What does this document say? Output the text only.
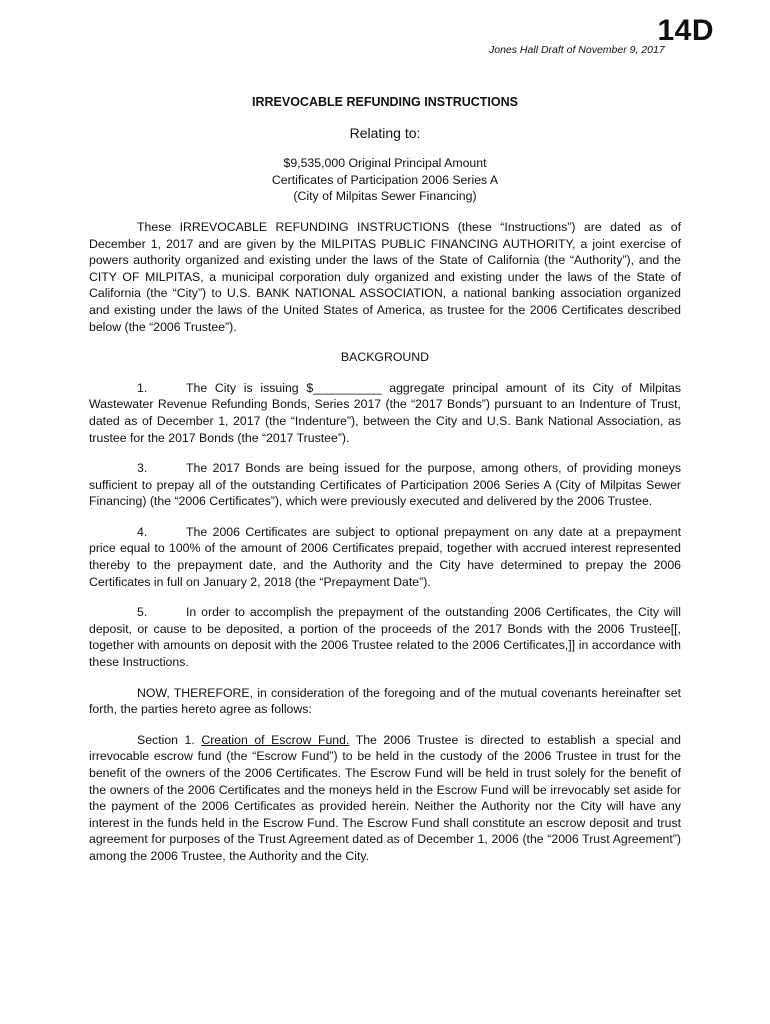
14D
Jones Hall Draft of November 9, 2017
IRREVOCABLE REFUNDING INSTRUCTIONS
Relating to:
$9,535,000 Original Principal Amount
Certificates of Participation 2006 Series A
(City of Milpitas Sewer Financing)

These IRREVOCABLE REFUNDING INSTRUCTIONS (these “Instructions”) are dated as of December 1, 2017 and are given by the MILPITAS PUBLIC FINANCING AUTHORITY, a joint exercise of powers authority organized and existing under the laws of the State of California (the “Authority”), and the CITY OF MILPITAS, a municipal corporation duly organized and existing under the laws of the State of California (the “City”) to U.S. BANK NATIONAL ASSOCIATION, a national banking association organized and existing under the laws of the United States of America, as trustee for the 2006 Certificates described below (the “2006 Trustee”).

BACKGROUND

1.	The City is issuing $__________ aggregate principal amount of its City of Milpitas Wastewater Revenue Refunding Bonds, Series 2017 (the “2017 Bonds”) pursuant to an Indenture of Trust, dated as of December 1, 2017 (the “Indenture”), between the City and U.S. Bank National Association, as trustee for the 2017 Bonds (the “2017 Trustee”).

3.	The 2017 Bonds are being issued for the purpose, among others, of providing moneys sufficient to prepay all of the outstanding Certificates of Participation 2006 Series A (City of Milpitas Sewer Financing) (the “2006 Certificates”), which were previously executed and delivered by the 2006 Trustee.

4.	The 2006 Certificates are subject to optional prepayment on any date at a prepayment price equal to 100% of the amount of 2006 Certificates prepaid, together with accrued interest represented thereby to the prepayment date, and the Authority and the City have determined to prepay the 2006 Certificates in full on January 2, 2018 (the “Prepayment Date”).

5.	In order to accomplish the prepayment of the outstanding 2006 Certificates, the City will deposit, or cause to be deposited, a portion of the proceeds of the 2017 Bonds with the 2006 Trustee[[, together with amounts on deposit with the 2006 Trustee related to the 2006 Certificates,]] in accordance with these Instructions.

NOW, THEREFORE, in consideration of the foregoing and of the mutual covenants hereinafter set forth, the parties hereto agree as follows:

Section 1. Creation of Escrow Fund. The 2006 Trustee is directed to establish a special and irrevocable escrow fund (the “Escrow Fund”) to be held in the custody of the 2006 Trustee in trust for the benefit of the owners of the 2006 Certificates. The Escrow Fund will be held in trust solely for the benefit of the owners of the 2006 Certificates and the moneys held in the Escrow Fund will be irrevocably set aside for the payment of the 2006 Certificates as provided herein. Neither the Authority nor the City will have any interest in the funds held in the Escrow Fund. The Escrow Fund shall constitute an escrow deposit and trust agreement for purposes of the Trust Agreement dated as of December 1, 2006 (the “2006 Trust Agreement”) among the 2006 Trustee, the Authority and the City.
